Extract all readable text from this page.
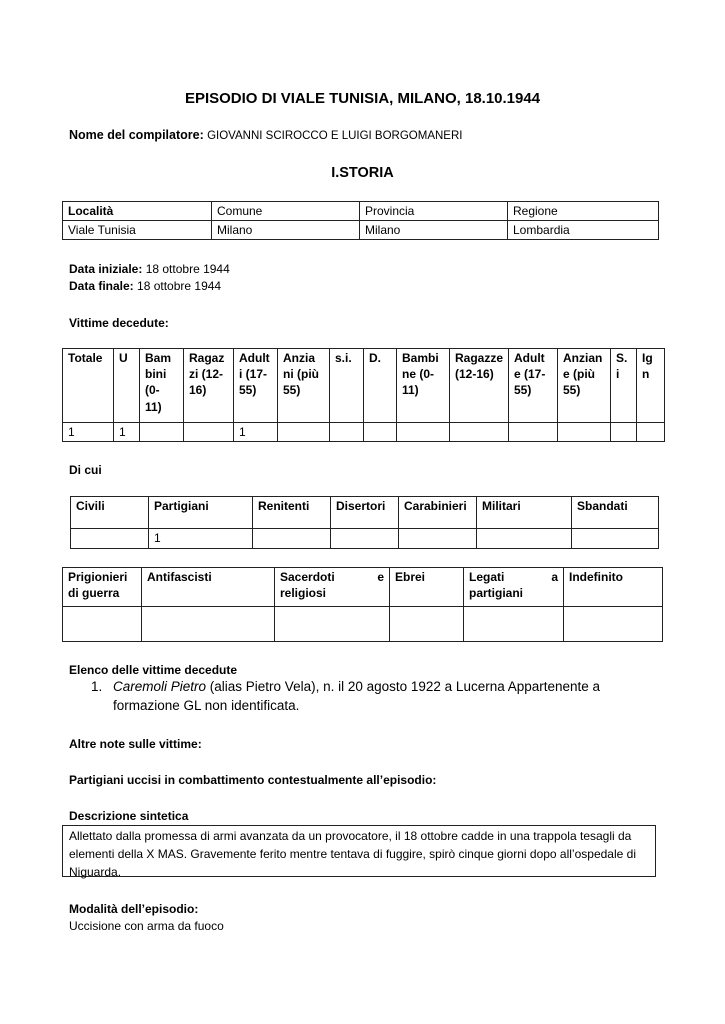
EPISODIO DI VIALE TUNISIA, MILANO, 18.10.1944
Nome del compilatore: GIOVANNI SCIROCCO E LUIGI BORGOMANERI
I.STORIA
Località	Comune	Provincia	Regione
Viale Tunisia	Milano	Milano	Lombardia
Data iniziale: 18 ottobre 1944
Data finale: 18 ottobre 1944
Vittime decedute:
Totale	U	Bam bini (0- 11)	Ragaz zi (12- 16)	Adult i (17- 55)	Anzia ni (più 55)	s.i.	D.	Bambi ne (0- 11)	Ragazze (12-16)	Adult e (17- 55)	Anzian e (più 55)	S. i	Ig n
1	1			1									
Di cui
Civili	Partigiani	Renitenti	Disertori	Carabinieri	Militari	Sbandati
	1					
Prigionieri di guerra	Antifascisti	Sacerdoti e religiosi	Ebrei	Legati a partigiani	Indefinito

Elenco delle vittime decedute
1. Caremoli Pietro (alias Pietro Vela), n. il 20 agosto 1922 a Lucerna Appartenente a formazione GL non identificata.
Altre note sulle vittime:
Partigiani uccisi in combattimento contestualmente all’episodio:
Descrizione sintetica
Allettato dalla promessa di armi avanzata da un provocatore, il 18 ottobre cadde in una trappola tesagli da elementi della X MAS. Gravemente ferito mentre tentava di fuggire, spirò cinque giorni dopo all’ospedale di Niguarda.
Modalità dell’episodio:
Uccisione con arma da fuoco
